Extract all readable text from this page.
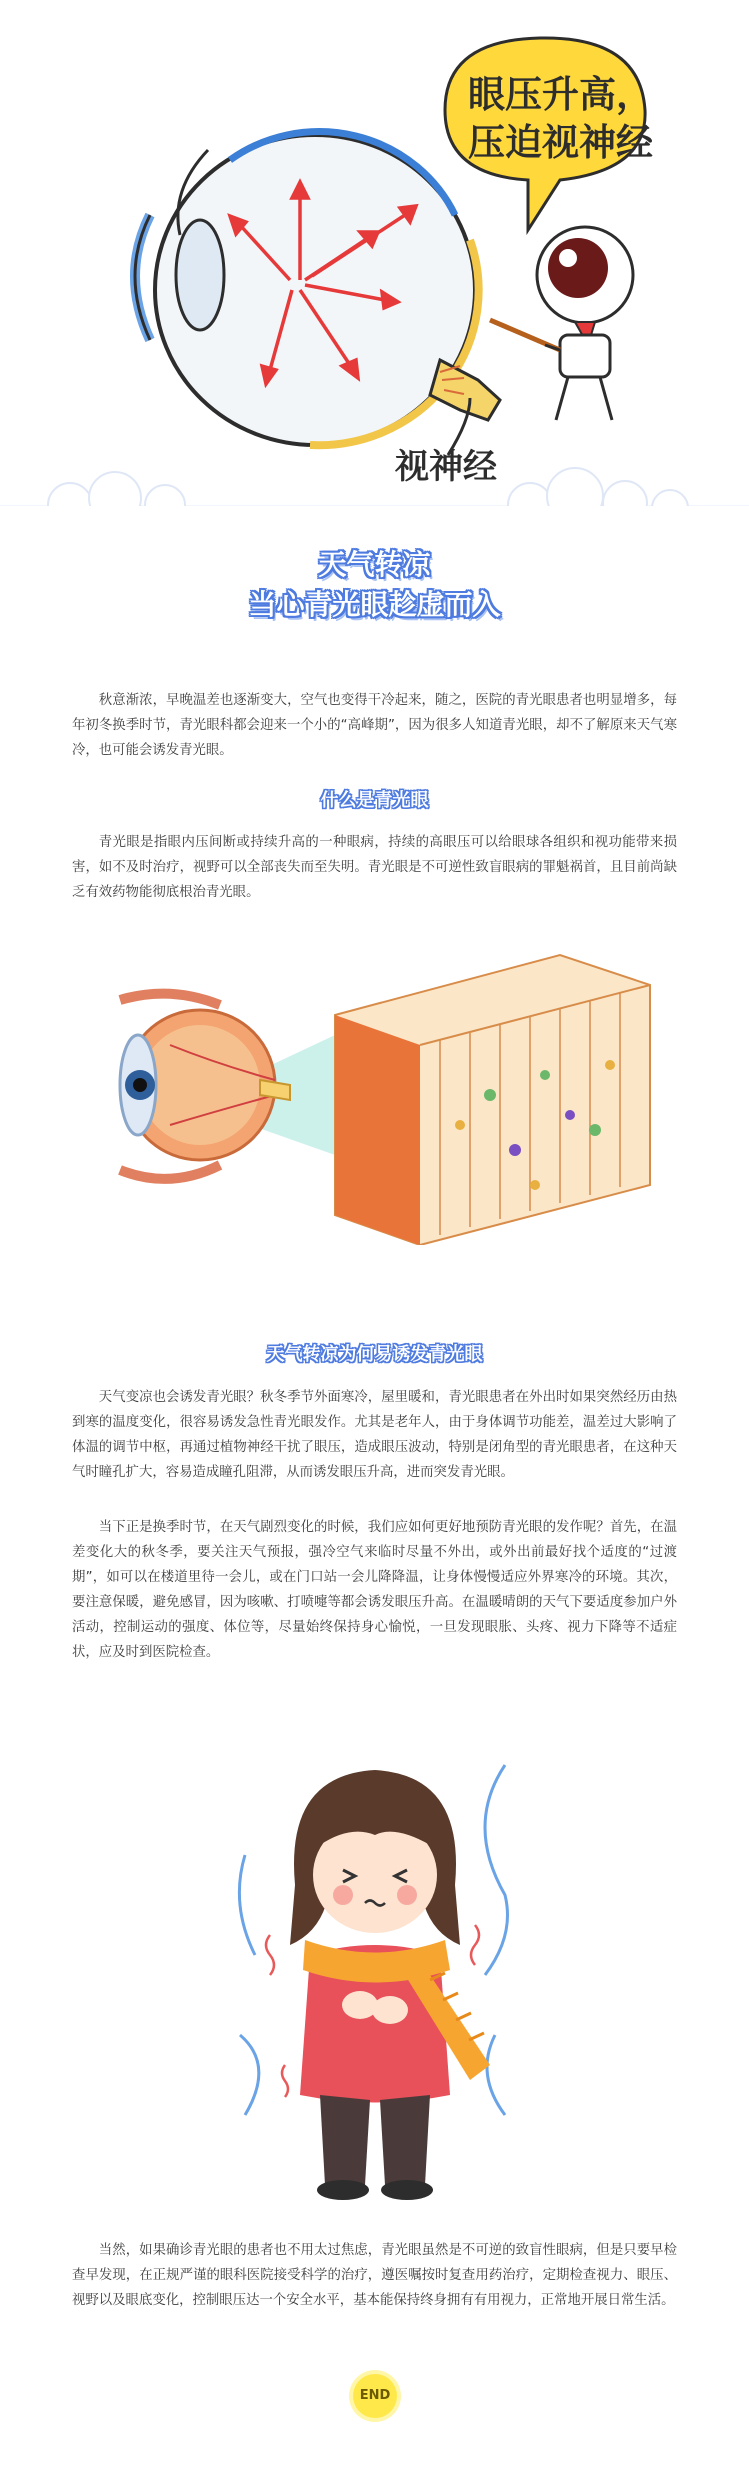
视神经
眼压升高，
压迫视神经
天气转凉
当心青光眼趁虚而入

秋意渐浓，早晚温差也逐渐变大，空气也变得干冷起来，随之，医院的青光眼患者也明显增多，每年初冬换季时节，青光眼科都会迎来一个小的“高峰期”，因为很多人知道青光眼，却不了解原来天气寒冷，也可能会诱发青光眼。

什么是青光眼

青光眼是指眼内压间断或持续升高的一种眼病，持续的高眼压可以给眼球各组织和视功能带来损害，如不及时治疗，视野可以全部丧失而至失明。青光眼是不可逆性致盲眼病的罪魁祸首，且目前尚缺乏有效药物能彻底根治青光眼。

天气转凉为何易诱发青光眼

天气变凉也会诱发青光眼？秋冬季节外面寒冷，屋里暖和，青光眼患者在外出时如果突然经历由热到寒的温度变化，很容易诱发急性青光眼发作。尤其是老年人，由于身体调节功能差，温差过大影响了体温的调节中枢，再通过植物神经干扰了眼压，造成眼压波动，特别是闭角型的青光眼患者，在这种天气时瞳孔扩大，容易造成瞳孔阻滞，从而诱发眼压升高，进而突发青光眼。

当下正是换季时节，在天气剧烈变化的时候，我们应如何更好地预防青光眼的发作呢？首先，在温差变化大的秋冬季，要关注天气预报，强冷空气来临时尽量不外出，或外出前最好找个适度的“过渡期”，如可以在楼道里待一会儿，或在门口站一会儿降降温，让身体慢慢适应外界寒冷的环境。其次，要注意保暖，避免感冒，因为咳嗽、打喷嚏等都会诱发眼压升高。在温暖晴朗的天气下要适度参加户外活动，控制运动的强度、体位等，尽量始终保持身心愉悦，一旦发现眼胀、头疼、视力下降等不适症状，应及时到医院检查。

当然，如果确诊青光眼的患者也不用太过焦虑，青光眼虽然是不可逆的致盲性眼病，但是只要早检查早发现，在正规严谨的眼科医院接受科学的治疗，遵医嘱按时复查用药治疗，定期检查视力、眼压、视野以及眼底变化，控制眼压达一个安全水平，基本能保持终身拥有有用视力，正常地开展日常生活。

END
